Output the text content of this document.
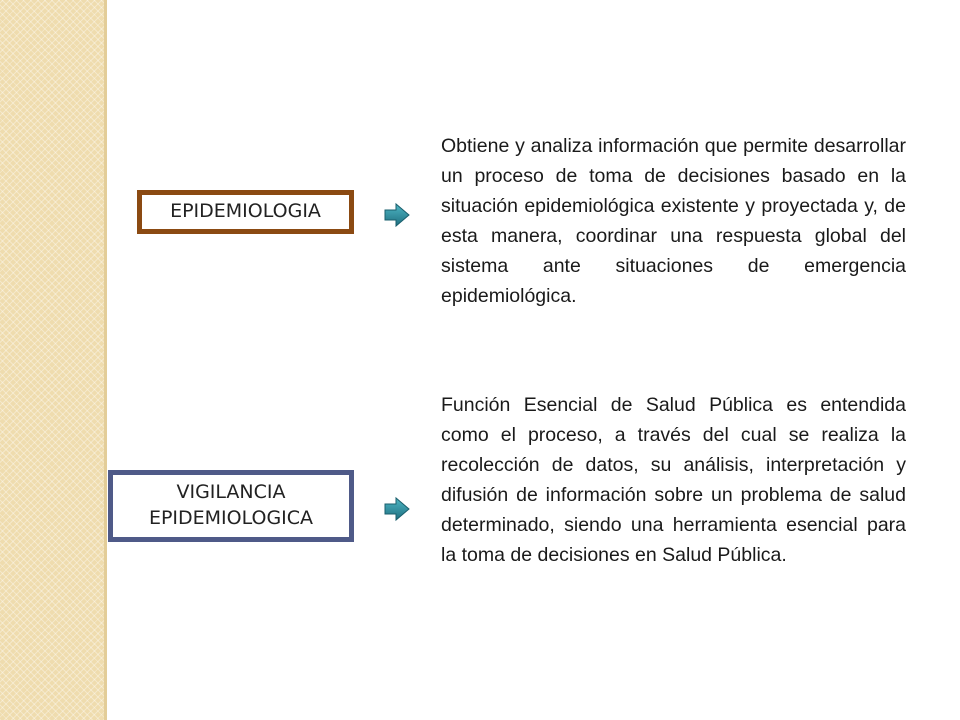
EPIDEMIOLOGIA

Obtiene y analiza información que permite desarrollar un proceso de toma de decisiones basado en la situación epidemiológica existente y proyectada y, de esta manera, coordinar una respuesta global del sistema ante situaciones de emergencia epidemiológica.

VIGILANCIA
EPIDEMIOLOGICA

Función Esencial de Salud Pública es entendida como el proceso, a través del cual se realiza la recolección de datos, su análisis, interpretación y difusión de información sobre un problema de salud determinado, siendo una herramienta esencial para la toma de decisiones en Salud Pública.
